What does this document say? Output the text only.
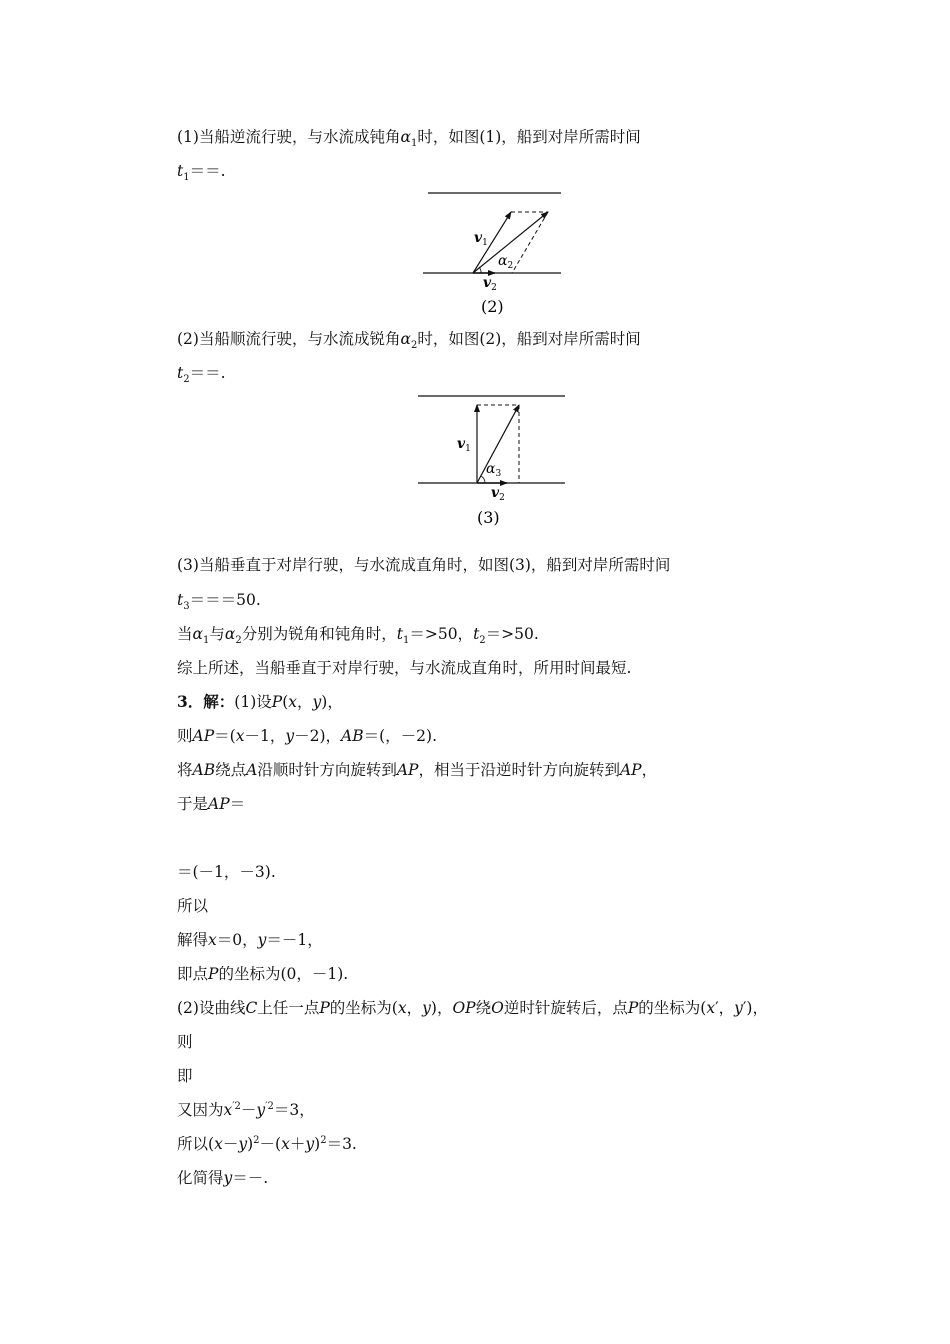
(1)当船逆流行驶，与水流成钝角$\alpha_1$时，如图(1)，船到对岸所需时间
$t_1==$.
$v_1$
$\alpha_2$
$v_2$
(2)
(2)当船顺流行驶，与水流成锐角$\alpha_2$时，如图(2)，船到对岸所需时间
$t_2==$.
$v_1$
$\alpha_3$
$v_2$
(3)
(3)当船垂直于对岸行驶，与水流成直角时，如图(3)，船到对岸所需时间
$t_3===50$.
当$\alpha_1$与$\alpha_2$分别为锐角和钝角时，$t_1=>50$，$t_2=>50$.
综上所述，当船垂直于对岸行驶，与水流成直角时，所用时间最短.
3．解：(1)设P(x，y)，
则AP＝(x－1，y－2)，AB＝(，－2).
将AB绕点A沿顺时针方向旋转到AP，相当于沿逆时针方向旋转到AP，
于是AP＝
＝(－1，－3).
所以
解得x＝0，y＝－1，
即点P的坐标为(0，－1).
(2)设曲线C上任一点P的坐标为(x，y)，OP绕O逆时针旋转后，点P的坐标为(x′，y′)，
则
即
又因为$x^{'2}-y^{'2}=3$，
所以$(x-y)^2-(x+y)^2=3$.
化简得y＝－.
